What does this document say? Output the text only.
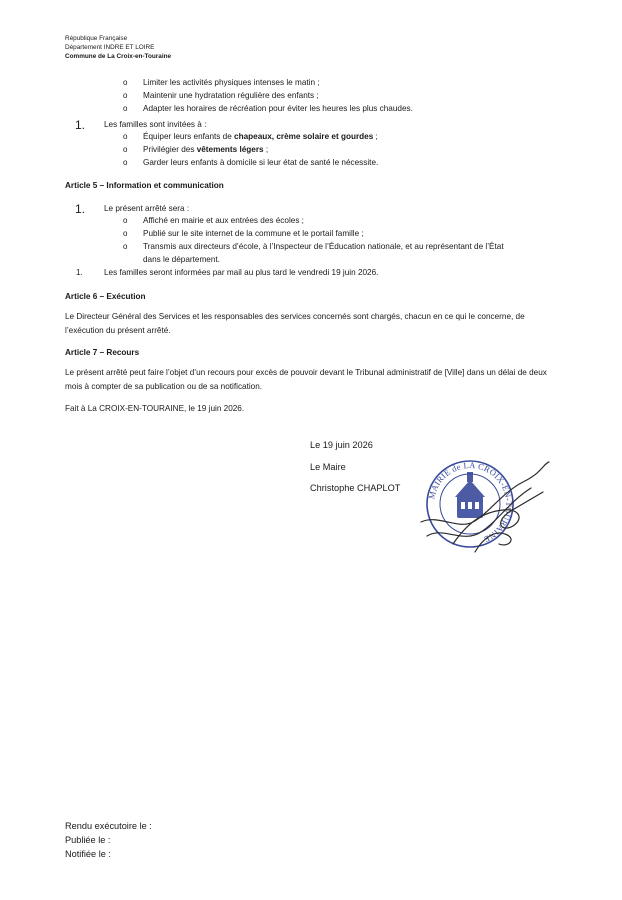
République Française
Département INDRE ET LOIRE
Commune de La Croix-en-Touraine
o Limiter les activités physiques intenses le matin ;
o Maintenir une hydratation régulière des enfants ;
o Adapter les horaires de récréation pour éviter les heures les plus chaudes.
1. Les familles sont invitées à :
o Équiper leurs enfants de chapeaux, crème solaire et gourdes ;
o Privilégier des vêtements légers ;
o Garder leurs enfants à domicile si leur état de santé le nécessite.
Article 5 – Information et communication
1. Le présent arrêté sera :
o Affiché en mairie et aux entrées des écoles ;
o Publié sur le site internet de la commune et le portail famille ;
o Transmis aux directeurs d’école, à l’Inspecteur de l’Éducation nationale, et au représentant de l’État
dans le département.
1.	Les familles seront informées par mail au plus tard le vendredi 19 juin 2026.
Article 6 – Exécution
Le Directeur Général des Services et les responsables des services concernés sont chargés, chacun en ce qui le concerne, de l’exécution du présent arrêté.
Article 7 – Recours
Le présent arrêté peut faire l’objet d’un recours pour excès de pouvoir devant le Tribunal administratif de [Ville] dans un délai de deux mois à compter de sa publication ou de sa notification.
Fait à La CROIX-EN-TOURAINE, le 19 juin 2026.
Le 19 juin 2026
Le Maire
Christophe CHAPLOT
MAIRIE de LA CROIX-EN-TOURAINE
Rendu exécutoire le :
Publiée le :
Notifiée le :
